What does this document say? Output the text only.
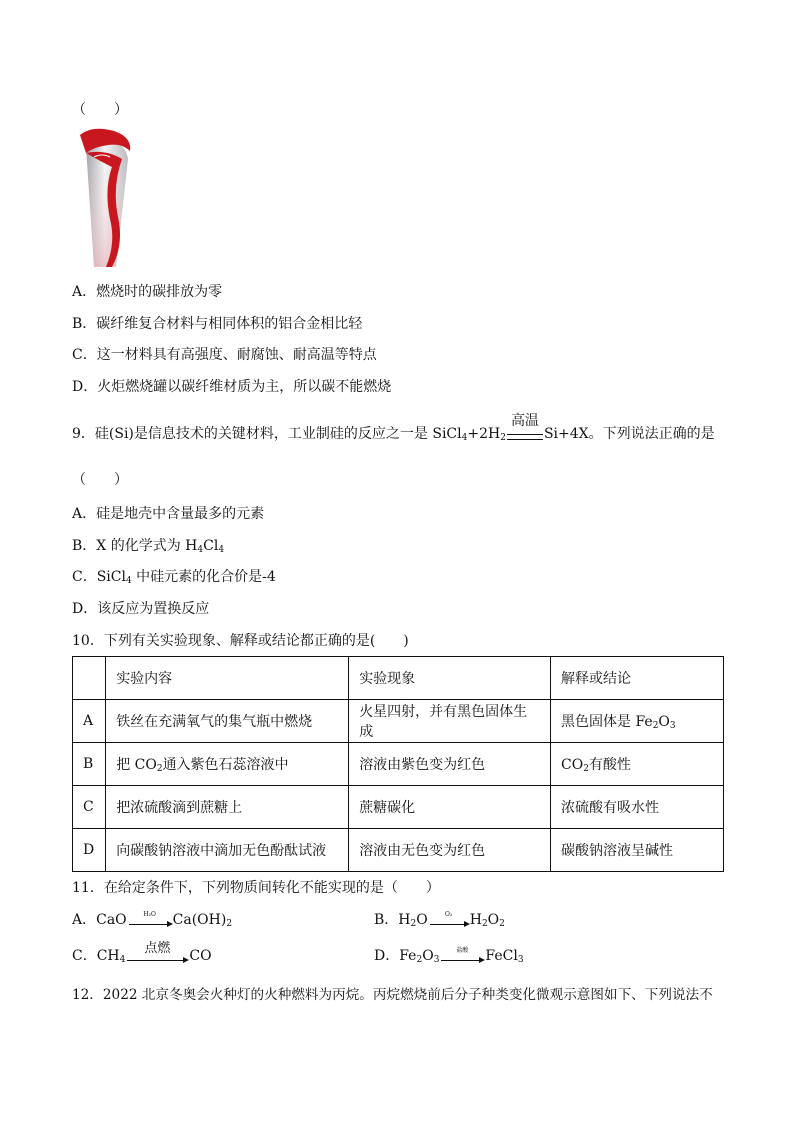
（　　）
A．燃烧时的碳排放为零
B．碳纤维复合材料与相同体积的铝合金相比轻
C．这一材料具有高强度、耐腐蚀、耐高温等特点
D．火炬燃烧罐以碳纤维材质为主，所以碳不能燃烧
9．硅(Si)是信息技术的关键材料，工业制硅的反应之一是 $SiCl_4+2H_2$
高温
Si+4X。下列说法正确的是
（　　）
A．硅是地壳中含量最多的元素
B．X 的化学式为 $H_4Cl_4$
C．SiCl$_4$ 中硅元素的化合价是-4
D．该反应为置换反应
10．下列有关实验现象、解释或结论都正确的是(　　)
	实验内容	实验现象	解释或结论
A	铁丝在充满氧气的集气瓶中燃烧	火星四射，并有黑色固体生成	黑色固体是 $Fe_2O_3$
B	把 $CO_2$通入紫色石蕊溶液中	溶液由紫色变为红色	$CO_2$有酸性
C	把浓硫酸滴到蔗糖上	蔗糖碳化	浓硫酸有吸水性
D	向碳酸钠溶液中滴加无色酚酞试液	溶液由无色变为红色	碳酸钠溶液呈碱性
11．在给定条件下，下列物质间转化不能实现的是（　　）
A．CaO	H₂O	$Ca(OH)_2$	B．$H_2O$	O₂	$H_2O_2$
C．$CH_4$
点燃	CO	D．$Fe_2O_3$
盐酸	FeCl$_3$
12．2022 北京冬奥会火种灯的火种燃料为丙烷。丙烷燃烧前后分子种类变化微观示意图如下、下列说法不
